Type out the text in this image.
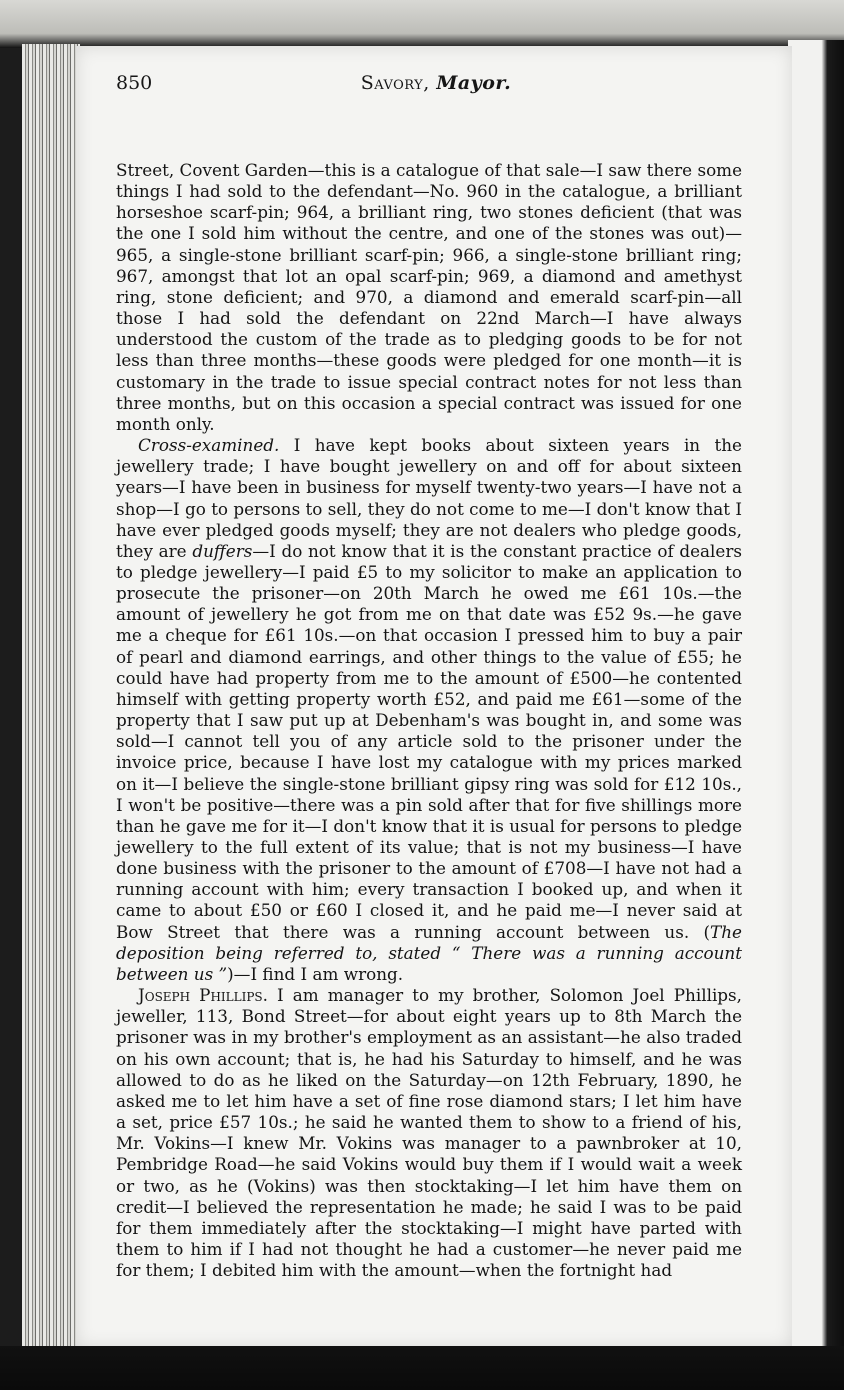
850	Savory, Mayor.

Street, Covent Garden—this is a catalogue of that sale—I saw there some things I had sold to the defendant—No. 960 in the catalogue, a brilliant horseshoe scarf-pin; 964, a brilliant ring, two stones deficient (that was the one I sold him without the centre, and one of the stones was out)—965, a single-stone brilliant scarf-pin; 966, a single-stone brilliant ring; 967, amongst that lot an opal scarf-pin; 969, a diamond and amethyst ring, stone deficient; and 970, a diamond and emerald scarf-pin—all those I had sold the defendant on 22nd March—I have always understood the custom of the trade as to pledging goods to be for not less than three months—these goods were pledged for one month—it is customary in the trade to issue special contract notes for not less than three months, but on this occasion a special contract was issued for one month only.

Cross-examined. I have kept books about sixteen years in the jewellery trade; I have bought jewellery on and off for about sixteen years—I have been in business for myself twenty-two years—I have not a shop—I go to persons to sell, they do not come to me—I don't know that I have ever pledged goods myself; they are not dealers who pledge goods, they are duffers—I do not know that it is the constant practice of dealers to pledge jewellery—I paid £5 to my solicitor to make an application to prosecute the prisoner—on 20th March he owed me £61 10s.—the amount of jewellery he got from me on that date was £52 9s.—he gave me a cheque for £61 10s.—on that occasion I pressed him to buy a pair of pearl and diamond earrings, and other things to the value of £55; he could have had property from me to the amount of £500—he contented himself with getting property worth £52, and paid me £61—some of the property that I saw put up at Debenham's was bought in, and some was sold—I cannot tell you of any article sold to the prisoner under the invoice price, because I have lost my catalogue with my prices marked on it—I believe the single-stone brilliant gipsy ring was sold for £12 10s., I won't be positive—there was a pin sold after that for five shillings more than he gave me for it—I don't know that it is usual for persons to pledge jewellery to the full extent of its value; that is not my business—I have done business with the prisoner to the amount of £708—I have not had a running account with him; every transaction I booked up, and when it came to about £50 or £60 I closed it, and he paid me—I never said at Bow Street that there was a running account between us. (The deposition being referred to, stated “ There was a running account between us ”)—I find I am wrong.

Joseph Phillips. I am manager to my brother, Solomon Joel Phillips, jeweller, 113, Bond Street—for about eight years up to 8th March the prisoner was in my brother's employment as an assistant—he also traded on his own account; that is, he had his Saturday to himself, and he was allowed to do as he liked on the Saturday—on 12th February, 1890, he asked me to let him have a set of fine rose diamond stars; I let him have a set, price £57 10s.; he said he wanted them to show to a friend of his, Mr. Vokins—I knew Mr. Vokins was manager to a pawnbroker at 10, Pembridge Road—he said Vokins would buy them if I would wait a week or two, as he (Vokins) was then stocktaking—I let him have them on credit—I believed the representation he made; he said I was to be paid for them immediately after the stocktaking—I might have parted with them to him if I had not thought he had a customer—he never paid me for them; I debited him with the amount—when the fortnight had
